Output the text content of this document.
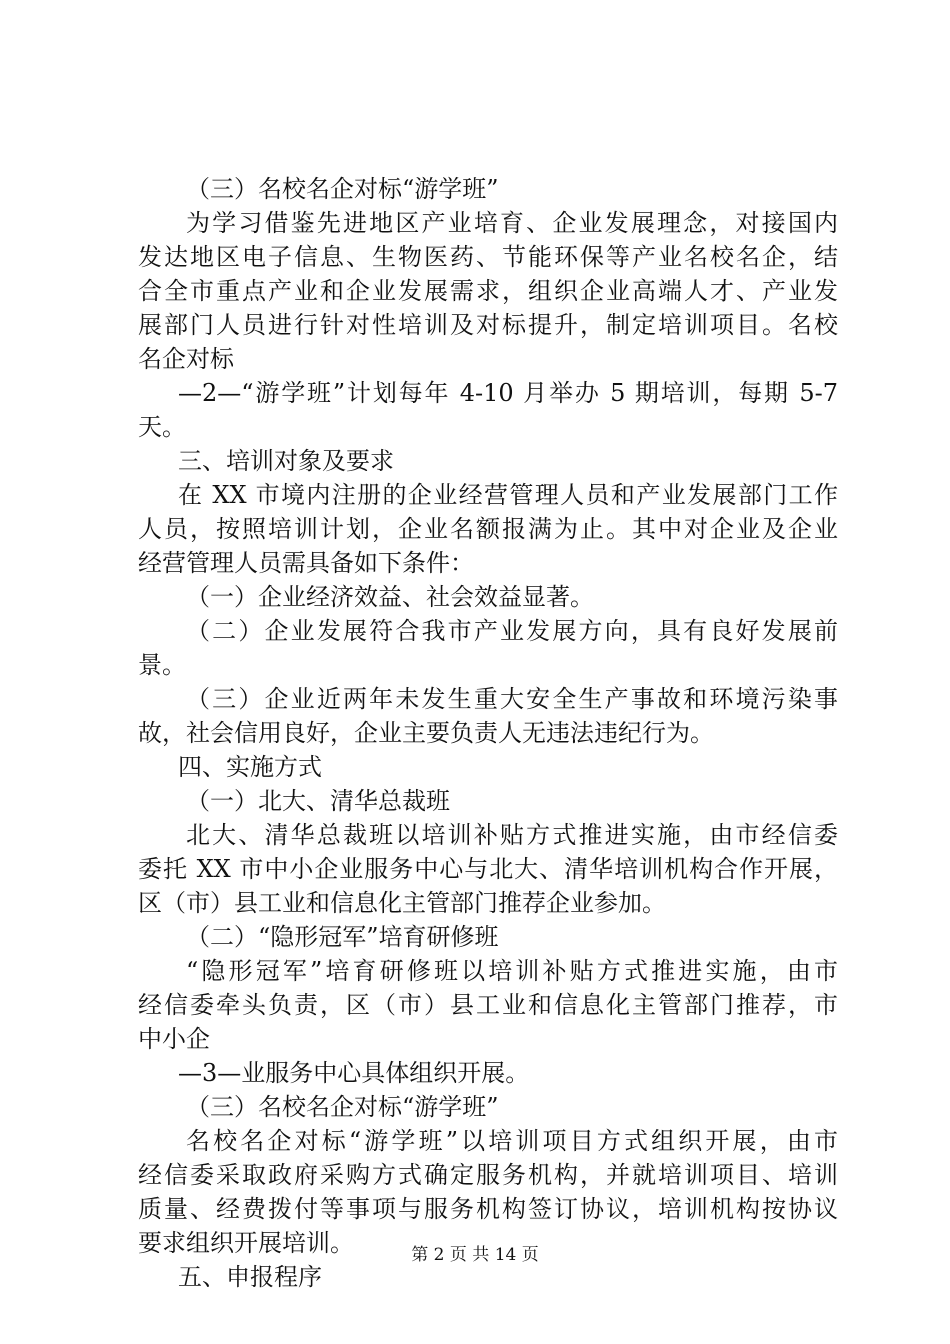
（三）名校名企对标“游学班”
为学习借鉴先进地区产业培育、企业发展理念，对接国内
发达地区电子信息、生物医药、节能环保等产业名校名企，结
合全市重点产业和企业发展需求，组织企业高端人才、产业发
展部门人员进行针对性培训及对标提升，制定培训项目。名校
名企对标
—2—“游学班”计划每年 4-10 月举办 5 期培训，每期 5-7
天。
三、培训对象及要求
在 XX 市境内注册的企业经营管理人员和产业发展部门工作
人员，按照培训计划，企业名额报满为止。其中对企业及企业
经营管理人员需具备如下条件：
（一）企业经济效益、社会效益显著。
（二）企业发展符合我市产业发展方向，具有良好发展前
景。
（三）企业近两年未发生重大安全生产事故和环境污染事
故，社会信用良好，企业主要负责人无违法违纪行为。
四、实施方式
（一）北大、清华总裁班
北大、清华总裁班以培训补贴方式推进实施，由市经信委
委托 XX 市中小企业服务中心与北大、清华培训机构合作开展，
区（市）县工业和信息化主管部门推荐企业参加。
（二）“隐形冠军”培育研修班
“隐形冠军”培育研修班以培训补贴方式推进实施，由市
经信委牵头负责，区（市）县工业和信息化主管部门推荐，市
中小企
—3—业服务中心具体组织开展。
（三）名校名企对标“游学班”
名校名企对标“游学班”以培训项目方式组织开展，由市
经信委采取政府采购方式确定服务机构，并就培训项目、培训
质量、经费拨付等事项与服务机构签订协议，培训机构按协议
要求组织开展培训。
五、申报程序
第 2 页 共 14 页
